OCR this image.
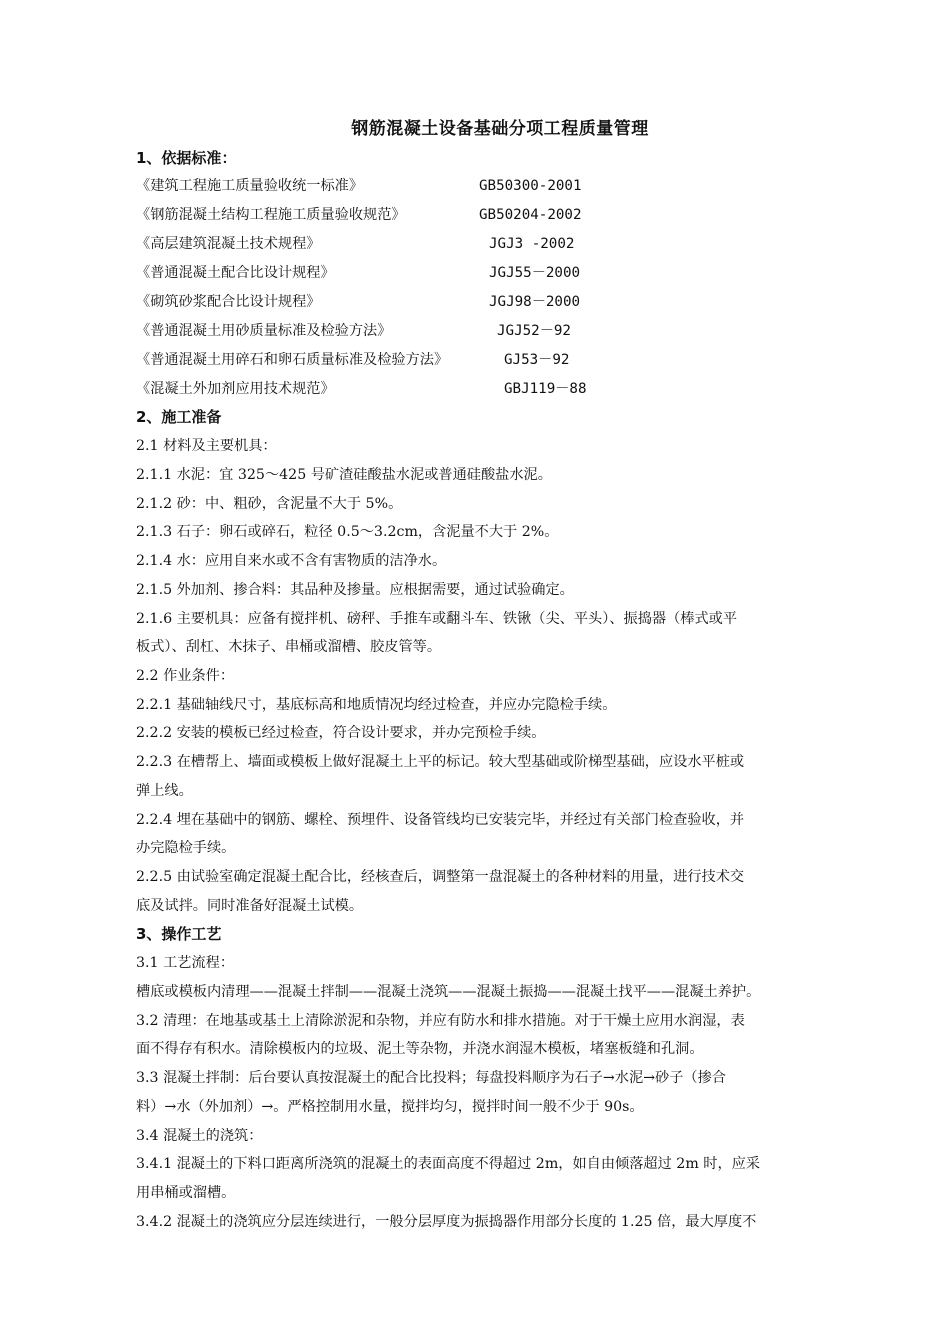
钢筋混凝土设备基础分项工程质量管理
1、依据标准：
《建筑工程施工质量验收统一标准》	GB50300-2001
《钢筋混凝土结构工程施工质量验收规范》	GB50204-2002
《高层建筑混凝土技术规程》	JGJ3 -2002
《普通混凝土配合比设计规程》	JGJ55－2000
《砌筑砂浆配合比设计规程》	JGJ98－2000
《普通混凝土用砂质量标准及检验方法》	JGJ52－92
《普通混凝土用碎石和卵石质量标准及检验方法》	GJ53－92
《混凝土外加剂应用技术规范》	GBJ119－88
2、施工准备
2.1 材料及主要机具：
2.1.1 水泥：宜 325～425 号矿渣硅酸盐水泥或普通硅酸盐水泥。
2.1.2 砂：中、粗砂，含泥量不大于 5%。
2.1.3 石子：卵石或碎石，粒径 0.5～3.2cm，含泥量不大于 2%。
2.1.4 水：应用自来水或不含有害物质的洁净水。
2.1.5 外加剂、掺合料：其品种及掺量。应根据需要，通过试验确定。
2.1.6 主要机具：应备有搅拌机、磅秤、手推车或翻斗车、铁锹（尖、平头）、振捣器（棒式或平
板式）、刮杠、木抹子、串桶或溜槽、胶皮管等。
2.2 作业条件：
2.2.1 基础轴线尺寸，基底标高和地质情况均经过检查，并应办完隐检手续。
2.2.2 安装的模板已经过检查，符合设计要求，并办完预检手续。
2.2.3 在槽帮上、墙面或模板上做好混凝土上平的标记。较大型基础或阶梯型基础，应设水平桩或
弹上线。
2.2.4 埋在基础中的钢筋、螺栓、预埋件、设备管线均已安装完毕，并经过有关部门检查验收，并
办完隐检手续。
2.2.5 由试验室确定混凝土配合比，经核查后，调整第一盘混凝土的各种材料的用量，进行技术交
底及试拌。同时准备好混凝土试模。
3、操作工艺
3.1 工艺流程：
槽底或模板内清理——混凝土拌制——混凝土浇筑——混凝土振捣——混凝土找平——混凝土养护。
3.2 清理：在地基或基土上清除淤泥和杂物，并应有防水和排水措施。对于干燥土应用水润湿，表
面不得存有积水。清除模板内的垃圾、泥土等杂物，并浇水润湿木模板，堵塞板缝和孔洞。
3.3 混凝土拌制：后台要认真按混凝土的配合比投料；每盘投料顺序为石子→水泥→砂子（掺合
料）→水（外加剂）→。严格控制用水量，搅拌均匀，搅拌时间一般不少于 90s。
3.4 混凝土的浇筑：
3.4.1 混凝土的下料口距离所浇筑的混凝土的表面高度不得超过 2m，如自由倾落超过 2m 时，应采
用串桶或溜槽。
3.4.2 混凝土的浇筑应分层连续进行，一般分层厚度为振捣器作用部分长度的 1.25 倍，最大厚度不
